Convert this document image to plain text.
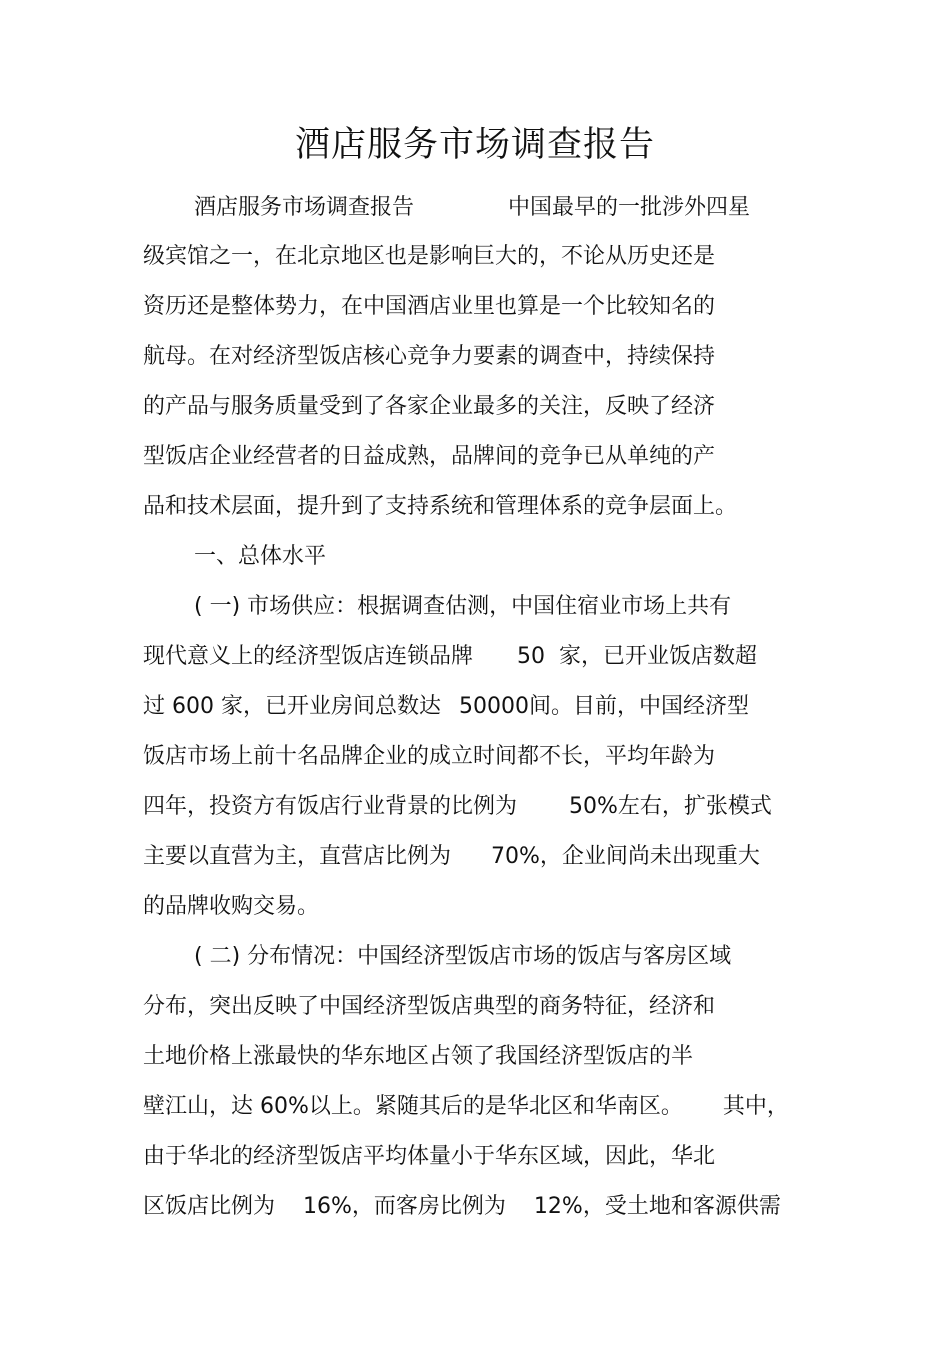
酒店服务市场调查报告

酒店服务市场调查报告	中国最早的一批涉外四星

级宾馆之一，在北京地区也是影响巨大的，不论从历史还是

资历还是整体势力，在中国酒店业里也算是一个比较知名的

航母。在对经济型饭店核心竞争力要素的调查中，持续保持

的产品与服务质量受到了各家企业最多的关注，反映了经济

型饭店企业经营者的日益成熟，品牌间的竞争已从单纯的产

品和技术层面，提升到了支持系统和管理体系的竞争层面上。

一、总体水平

( 一) 市场供应：根据调查估测，中国住宿业市场上共有

现代意义上的经济型饭店连锁品牌 50 家，已开业饭店数超

过 600 家，已开业房间总数达 50000间。目前，中国经济型

饭店市场上前十名品牌企业的成立时间都不长，平均年龄为

四年，投资方有饭店行业背景的比例为 50%左右，扩张模式

主要以直营为主，直营店比例为 70%，企业间尚未出现重大

的品牌收购交易。

( 二) 分布情况：中国经济型饭店市场的饭店与客房区域

分布，突出反映了中国经济型饭店典型的商务特征，经济和

土地价格上涨最快的华东地区占领了我国经济型饭店的半

壁江山，达 60%以上。紧随其后的是华北区和华南区。 其中，

由于华北的经济型饭店平均体量小于华东区域，因此，华北

区饭店比例为 16%，而客房比例为 12%，受土地和客源供需
